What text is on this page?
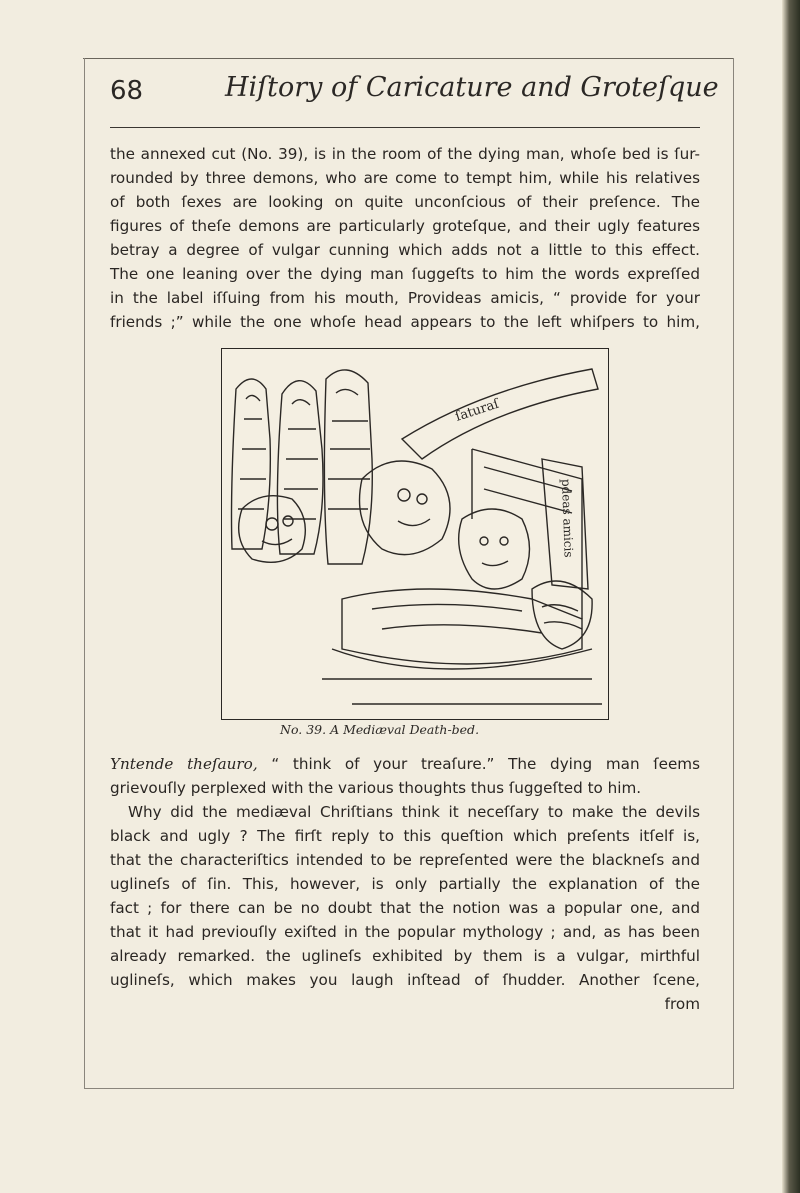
68	Hiſtory of Caricature and Groteſque
the annexed cut (No. 39), is in the room of the dying man, whoſe bed is ſur-
rounded by three demons, who are come to tempt him, while his relatives
of both ſexes are looking on quite unconſcious of their preſence. The
figures of theſe demons are particularly groteſque, and their ugly features
betray a degree of vulgar cunning which adds not a little to this effect.
The one leaning over the dying man ſuggeſts to him the words expreſſed
in the label iſſuing from his mouth, Provideas amicis, “ provide for your
friends ;” while the one whoſe head appears to the left whiſpers to him,
ſaturaſ
pdeas amicis
No. 39. A Mediæval Death-bed.
Yntende theſauro, “ think of your treaſure.” The dying man ſeems
grievouſly perplexed with the various thoughts thus ſuggeſted to him.
Why did the mediæval Chriſtians think it neceſſary to make the devils
black and ugly ? The firſt reply to this queſtion which preſents itſelf is,
that the characteriſtics intended to be repreſented were the blackneſs and
uglineſs of ſin. This, however, is only partially the explanation of the
fact ; for there can be no doubt that the notion was a popular one, and
that it had previouſly exiſted in the popular mythology ; and, as has been
already remarked. the uglineſs exhibited by them is a vulgar, mirthful
uglineſs, which makes you laugh inſtead of ſhudder. Another ſcene,
from
